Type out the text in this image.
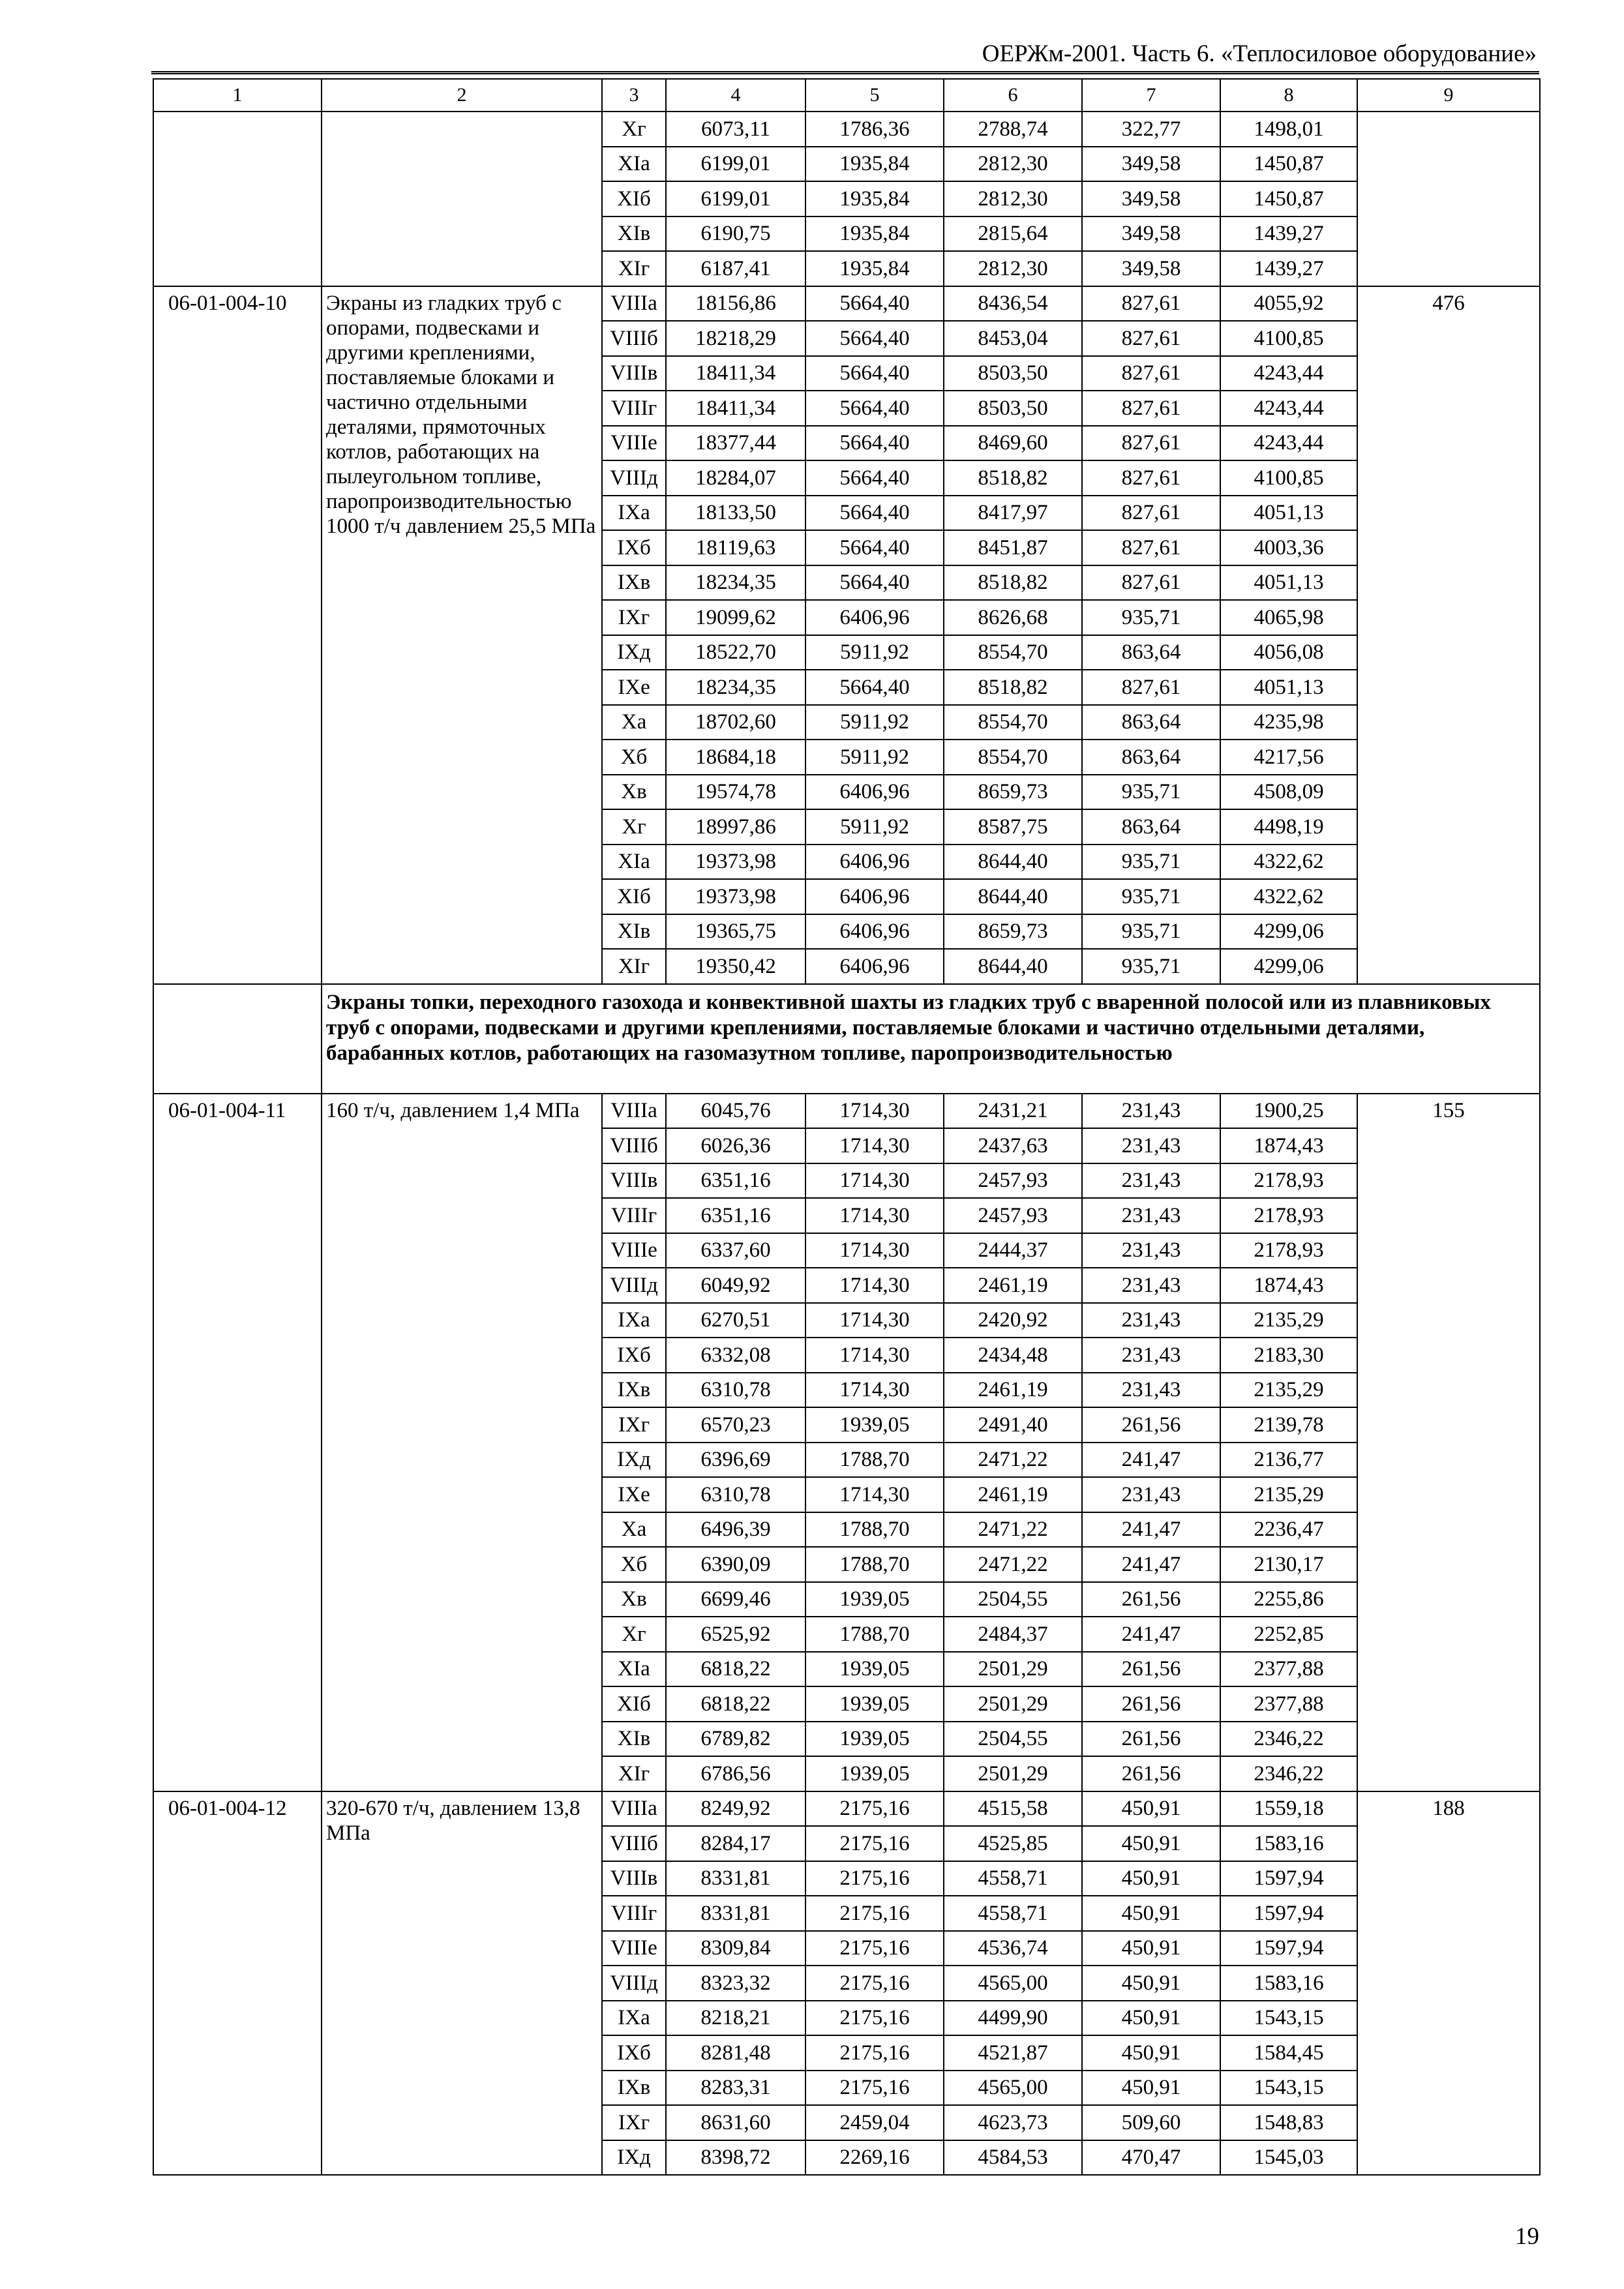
ОЕРЖм-2001. Часть 6. «Теплосиловое оборудование»
1	2	3	4	5	6	7	8	9
		Xг	6073,11	1786,36	2788,74	322,77	1498,01	
		XIa	6199,01	1935,84	2812,30	349,58	1450,87	
		XIб	6199,01	1935,84	2812,30	349,58	1450,87	
		XIв	6190,75	1935,84	2815,64	349,58	1439,27	
		XIг	6187,41	1935,84	2812,30	349,58	1439,27	
06-01-004-10	Экраны из гладких труб с опорами, подвесками и другими креплениями, поставляемые блоками и частично отдельными деталями, прямоточных котлов, работающих на пылеугольном топливе, паропроизводительностью 1000 т/ч давлением 25,5 МПа	VIIIa	18156,86	5664,40	8436,54	827,61	4055,92	476
		VIIIб	18218,29	5664,40	8453,04	827,61	4100,85	
		VIIIв	18411,34	5664,40	8503,50	827,61	4243,44	
		VIIIг	18411,34	5664,40	8503,50	827,61	4243,44	
		VIIIe	18377,44	5664,40	8469,60	827,61	4243,44	
		VIIIд	18284,07	5664,40	8518,82	827,61	4100,85	
		IXa	18133,50	5664,40	8417,97	827,61	4051,13	
		IXб	18119,63	5664,40	8451,87	827,61	4003,36	
		IXв	18234,35	5664,40	8518,82	827,61	4051,13	
		IXг	19099,62	6406,96	8626,68	935,71	4065,98	
		IXд	18522,70	5911,92	8554,70	863,64	4056,08	
		IXe	18234,35	5664,40	8518,82	827,61	4051,13	
		Xa	18702,60	5911,92	8554,70	863,64	4235,98	
		Xб	18684,18	5911,92	8554,70	863,64	4217,56	
		Xв	19574,78	6406,96	8659,73	935,71	4508,09	
		Xг	18997,86	5911,92	8587,75	863,64	4498,19	
		XIa	19373,98	6406,96	8644,40	935,71	4322,62	
		XIб	19373,98	6406,96	8644,40	935,71	4322,62	
		XIв	19365,75	6406,96	8659,73	935,71	4299,06	
		XIг	19350,42	6406,96	8644,40	935,71	4299,06	
	Экраны топки, переходного газохода и конвективной шахты из гладких труб с вваренной полосой или из плавниковых труб с опорами, подвесками и другими креплениями, поставляемые блоками и частично отдельными деталями, барабанных котлов, работающих на газомазутном топливе, паропроизводительностью							
06-01-004-11	160 т/ч, давлением 1,4 МПа	VIIIa	6045,76	1714,30	2431,21	231,43	1900,25	155
		VIIIб	6026,36	1714,30	2437,63	231,43	1874,43	
		VIIIв	6351,16	1714,30	2457,93	231,43	2178,93	
		VIIIг	6351,16	1714,30	2457,93	231,43	2178,93	
		VIIIe	6337,60	1714,30	2444,37	231,43	2178,93	
		VIIIд	6049,92	1714,30	2461,19	231,43	1874,43	
		IXa	6270,51	1714,30	2420,92	231,43	2135,29	
		IXб	6332,08	1714,30	2434,48	231,43	2183,30	
		IXв	6310,78	1714,30	2461,19	231,43	2135,29	
		IXг	6570,23	1939,05	2491,40	261,56	2139,78	
		IXд	6396,69	1788,70	2471,22	241,47	2136,77	
		IXe	6310,78	1714,30	2461,19	231,43	2135,29	
		Xa	6496,39	1788,70	2471,22	241,47	2236,47	
		Xб	6390,09	1788,70	2471,22	241,47	2130,17	
		Xв	6699,46	1939,05	2504,55	261,56	2255,86	
		Xг	6525,92	1788,70	2484,37	241,47	2252,85	
		XIa	6818,22	1939,05	2501,29	261,56	2377,88	
		XIб	6818,22	1939,05	2501,29	261,56	2377,88	
		XIв	6789,82	1939,05	2504,55	261,56	2346,22	
		XIг	6786,56	1939,05	2501,29	261,56	2346,22	
06-01-004-12	320-670 т/ч, давлением 13,8 МПа	VIIIa	8249,92	2175,16	4515,58	450,91	1559,18	188
		VIIIб	8284,17	2175,16	4525,85	450,91	1583,16	
		VIIIв	8331,81	2175,16	4558,71	450,91	1597,94	
		VIIIг	8331,81	2175,16	4558,71	450,91	1597,94	
		VIIIe	8309,84	2175,16	4536,74	450,91	1597,94	
		VIIIд	8323,32	2175,16	4565,00	450,91	1583,16	
		IXa	8218,21	2175,16	4499,90	450,91	1543,15	
		IXб	8281,48	2175,16	4521,87	450,91	1584,45	
		IXв	8283,31	2175,16	4565,00	450,91	1543,15	
		IXг	8631,60	2459,04	4623,73	509,60	1548,83	
		IXд	8398,72	2269,16	4584,53	470,47	1545,03	
19
